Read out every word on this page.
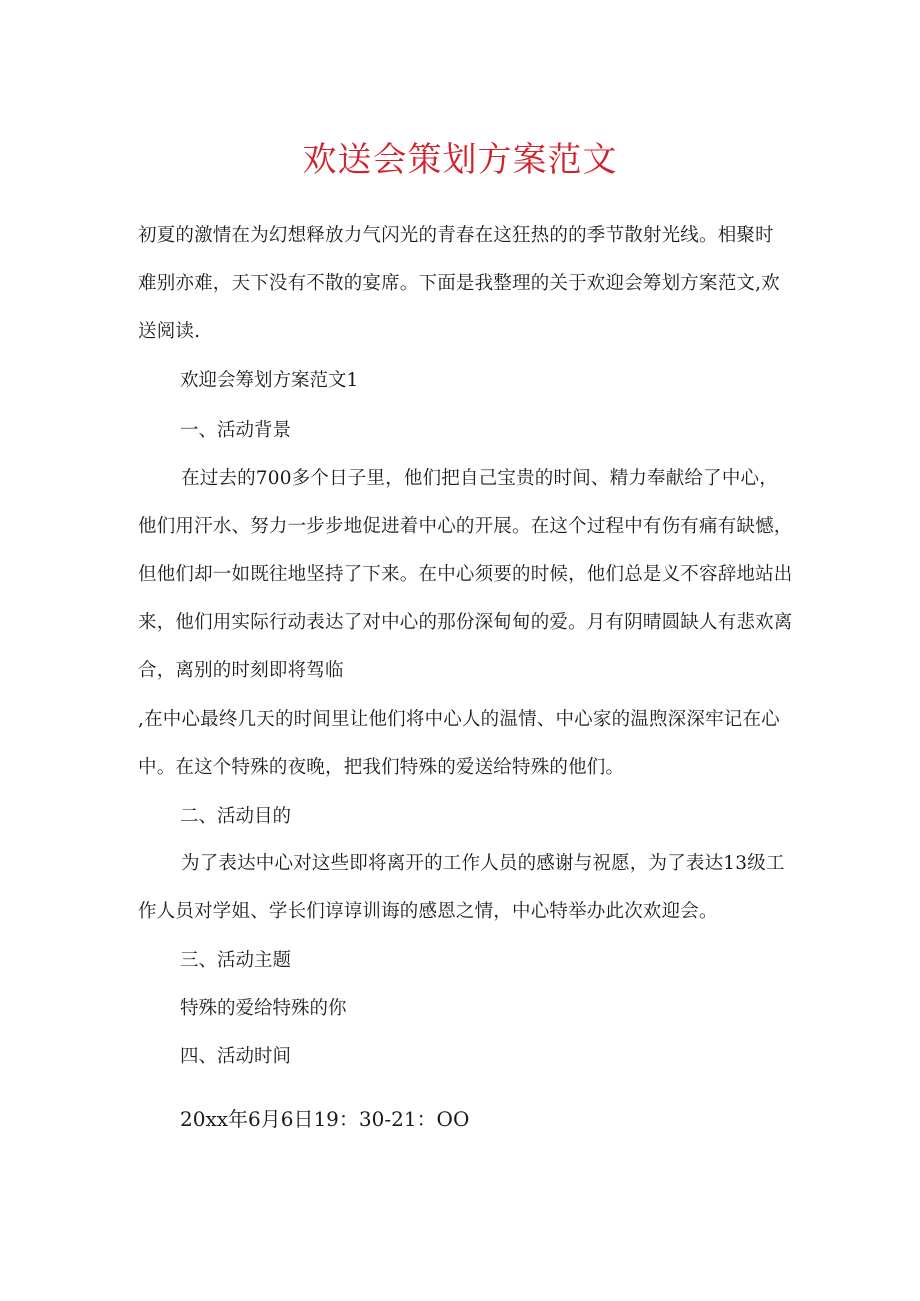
欢送会策划方案范文
初夏的激情在为幻想释放力气闪光的青春在这狂热的的季节散射光线。相聚时难别亦难，天下没有不散的宴席。下面是我整理的关于欢迎会筹划方案范文,欢送阅读.
欢迎会筹划方案范文1
一、活动背景
在过去的700多个日子里，他们把自己宝贵的时间、精力奉献给了中心，他们用汗水、努力一步步地促进着中心的开展。在这个过程中有伤有痛有缺憾，但他们却一如既往地坚持了下来。在中心须要的时候，他们总是义不容辞地站出来，他们用实际行动表达了对中心的那份深甸甸的爱。月有阴晴圆缺人有悲欢离合，离别的时刻即将驾临
,在中心最终几天的时间里让他们将中心人的温情、中心家的温煦深深牢记在心中。在这个特殊的夜晚，把我们特殊的爱送给特殊的他们。
二、活动目的
为了表达中心对这些即将离开的工作人员的感谢与祝愿，为了表达13级工作人员对学姐、学长们谆谆训诲的感恩之情，中心特举办此次欢迎会。
三、活动主题
特殊的爱给特殊的你
四、活动时间
20xx年6月6日19：30-21：OO
